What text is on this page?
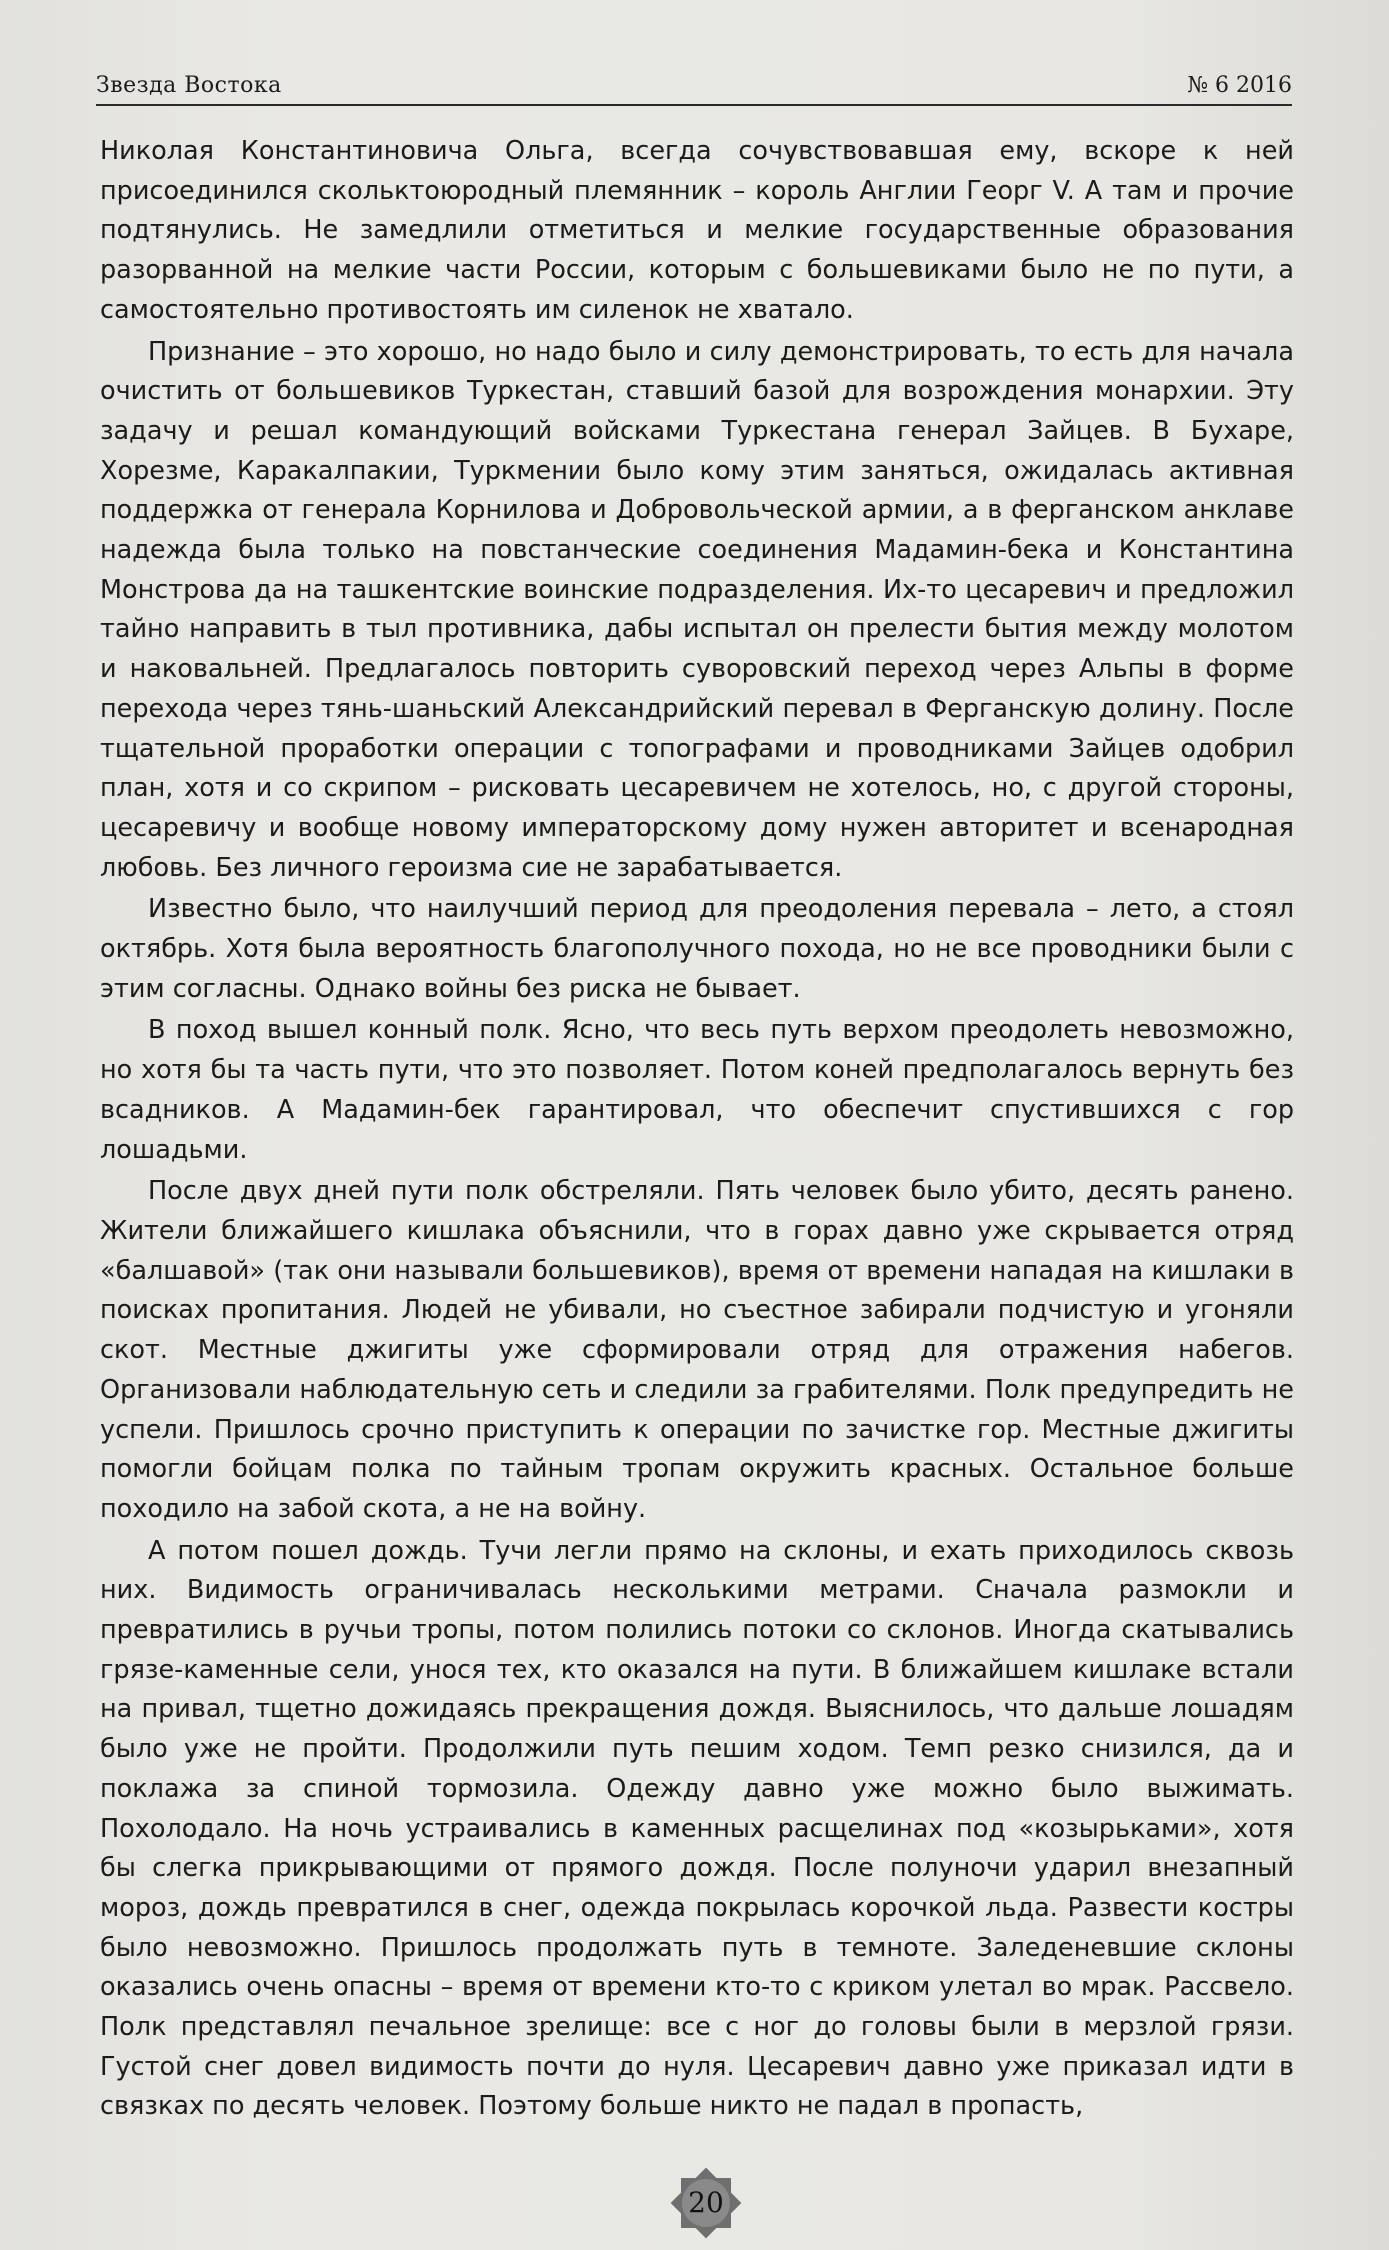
Звезда Востока	№ 6 2016

Николая Константиновича Ольга, всегда сочувствовавшая ему, вскоре к ней присоединился скольктоюродный племянник – король Англии Георг V. А там и прочие подтянулись. Не замедлили отметиться и мелкие государственные образования разорванной на мелкие части России, которым с большевиками было не по пути, а самостоятельно противостоять им силенок не хватало.

Признание – это хорошо, но надо было и силу демонстрировать, то есть для начала очистить от большевиков Туркестан, ставший базой для возрождения монархии. Эту задачу и решал командующий войсками Туркестана генерал Зайцев. В Бухаре, Хорезме, Каракалпакии, Туркмении было кому этим заняться, ожидалась активная поддержка от генерала Корнилова и Добровольческой армии, а в ферганском анклаве надежда была только на повстанческие соединения Мадамин-бека и Константина Монстрова да на ташкентские воинские подразделения. Их-то цесаревич и предложил тайно направить в тыл противника, дабы испытал он прелести бытия между молотом и наковальней. Предлагалось повторить суворовский переход через Альпы в форме перехода через тянь-шаньский Александрийский перевал в Ферганскую долину. После тщательной проработки операции с топографами и проводниками Зайцев одобрил план, хотя и со скрипом – рисковать цесаревичем не хотелось, но, с другой стороны, цесаревичу и вообще новому императорскому дому нужен авторитет и всенародная любовь. Без личного героизма сие не зарабатывается.

Известно было, что наилучший период для преодоления перевала – лето, а стоял октябрь. Хотя была вероятность благополучного похода, но не все проводники были с этим согласны. Однако войны без риска не бывает.

В поход вышел конный полк. Ясно, что весь путь верхом преодолеть невозможно, но хотя бы та часть пути, что это позволяет. Потом коней предполагалось вернуть без всадников. А Мадамин-бек гарантировал, что обеспечит спустившихся с гор лошадьми.

После двух дней пути полк обстреляли. Пять человек было убито, десять ранено. Жители ближайшего кишлака объяснили, что в горах давно уже скрывается отряд «балшавой» (так они называли большевиков), время от времени нападая на кишлаки в поисках пропитания. Людей не убивали, но съестное забирали подчистую и угоняли скот. Местные джигиты уже сформировали отряд для отражения набегов. Организовали наблюдательную сеть и следили за грабителями. Полк предупредить не успели. Пришлось срочно приступить к операции по зачистке гор. Местные джигиты помогли бойцам полка по тайным тропам окружить красных. Остальное больше походило на забой скота, а не на войну.

А потом пошел дождь. Тучи легли прямо на склоны, и ехать приходилось сквозь них. Видимость ограничивалась несколькими метрами. Сначала размокли и превратились в ручьи тропы, потом полились потоки со склонов. Иногда скатывались грязе-каменные сели, унося тех, кто оказался на пути. В ближайшем кишлаке встали на привал, тщетно дожидаясь прекращения дождя. Выяснилось, что дальше лошадям было уже не пройти. Продолжили путь пешим ходом. Темп резко снизился, да и поклажа за спиной тормозила. Одежду давно уже можно было выжимать. Похолодало. На ночь устраивались в каменных расщелинах под «козырьками», хотя бы слегка прикрывающими от прямого дождя. После полуночи ударил внезапный мороз, дождь превратился в снег, одежда покрылась корочкой льда. Развести костры было невозможно. Пришлось продолжать путь в темноте. Заледеневшие склоны оказались очень опасны – время от времени кто-то с криком улетал во мрак. Рассвело. Полк представлял печальное зрелище: все с ног до головы были в мерзлой грязи. Густой снег довел видимость почти до нуля. Цесаревич давно уже приказал идти в связках по десять человек. Поэтому больше никто не падал в пропасть,

20
